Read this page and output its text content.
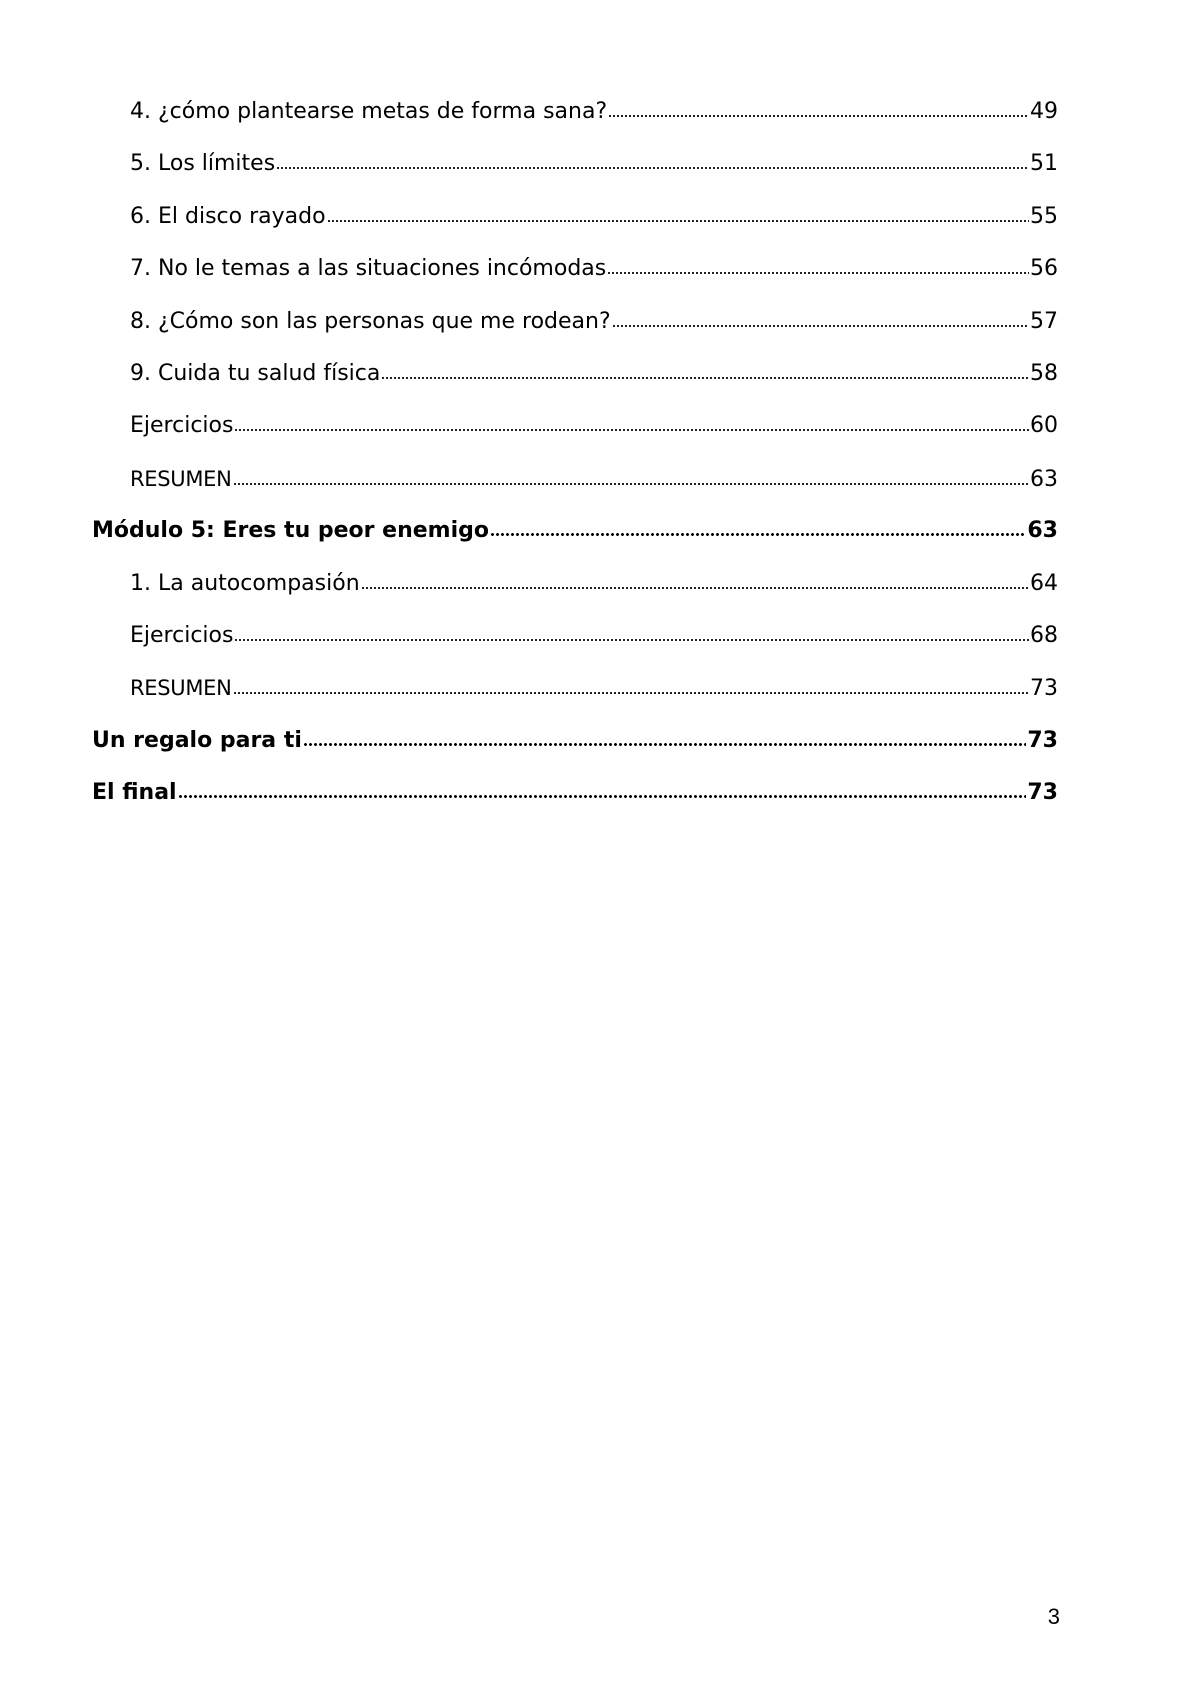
4. ¿cómo plantearse metas de forma sana?	49
5. Los límites	51
6. El disco rayado	55
7. No le temas a las situaciones incómodas	56
8. ¿Cómo son las personas que me rodean?	57
9. Cuida tu salud física	58
Ejercicios	60
RESUMEN	63
Módulo 5: Eres tu peor enemigo	63
1. La autocompasión	64
Ejercicios	68
RESUMEN	73
Un regalo para ti	73
El final	73
3
